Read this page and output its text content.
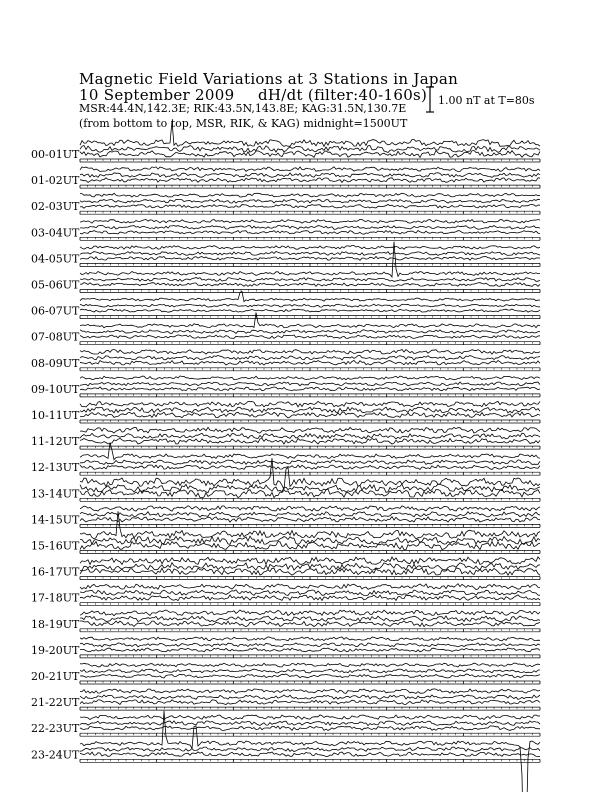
Magnetic Field Variations at 3 Stations in Japan
10 September 2009 dH/dt (filter:40-160s)
MSR:44.4N,142.3E; RIK:43.5N,143.8E; KAG:31.5N,130.7E
(from bottom to top, MSR, RIK, & KAG) midnight=1500UT
1.00 nT at T=80s
00-01UT
01-02UT
02-03UT
03-04UT
04-05UT
05-06UT
06-07UT
07-08UT
08-09UT
09-10UT
10-11UT
11-12UT
12-13UT
13-14UT
14-15UT
15-16UT
16-17UT
17-18UT
18-19UT
19-20UT
20-21UT
21-22UT
22-23UT
23-24UT
